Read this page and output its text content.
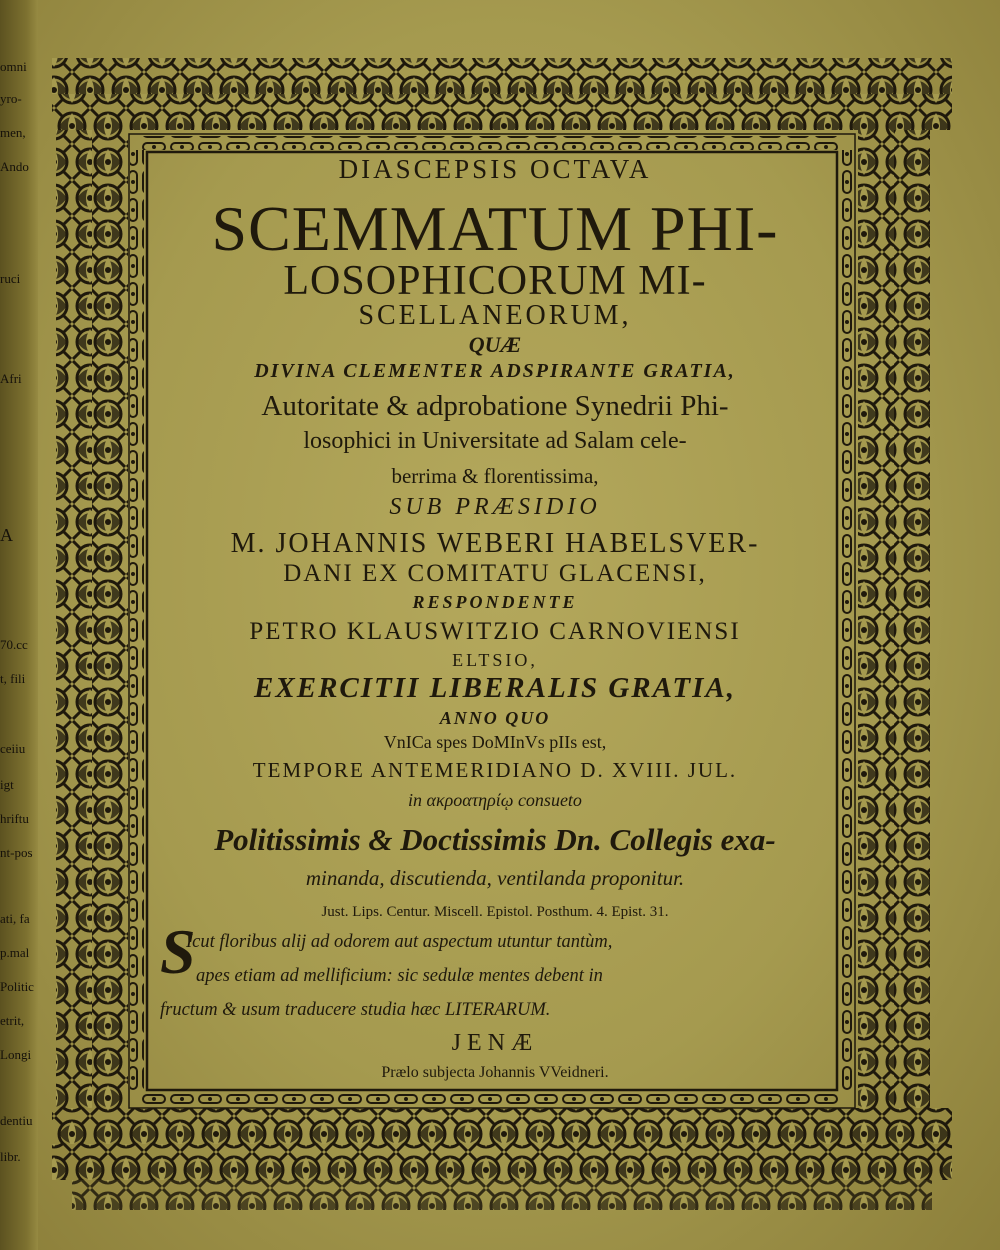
omni
yro-
men,
Ando
ruci
Afri
A
70.cc
t, fili
ceiiu
igt
hriftu
nt-pos
ati, fa
p.mal
Politic
etrit,
Longi
dentiu
libr.
DIASCEPSIS OCTAVA
SCEMMATUM PHI-
LOSOPHICORUM MI-
SCELLANEORUM,
QUÆ
DIVINA CLEMENTER ADSPIRANTE GRATIA,
Autoritate & adprobatione Synedrii Phi-
losophici in Universitate ad Salam cele-
berrima & florentissima,
SUB PRÆSIDIO
M. JOHANNIS WEBERI HABELSVER-
DANI EX COMITATU GLACENSI,
RESPONDENTE
PETRO KLAUSWITZIO CARNOVIENSI
ELTSIO,
EXERCITII LIBERALIS GRATIA,
ANNO QUO
VnICa spes DoMInVs pIIs est,
TEMPORE ANTEMERIDIANO D. XVIII. JUL.
in ακροατηρίῳ consueto
Politissimis & Doctissimis Dn. Collegis exa-
minanda, discutienda, ventilanda proponitur.
Just. Lips. Centur. Miscell. Epistol. Posthum. 4. Epist. 31.
S
Icut floribus alij ad odorem aut aspectum utuntur tantùm,
apes etiam ad mellificium: sic sedulæ mentes debent in
fructum & usum traducere studia hæc LITERARUM.
JENÆ
Prælo subjecta Johannis VVeidneri.
